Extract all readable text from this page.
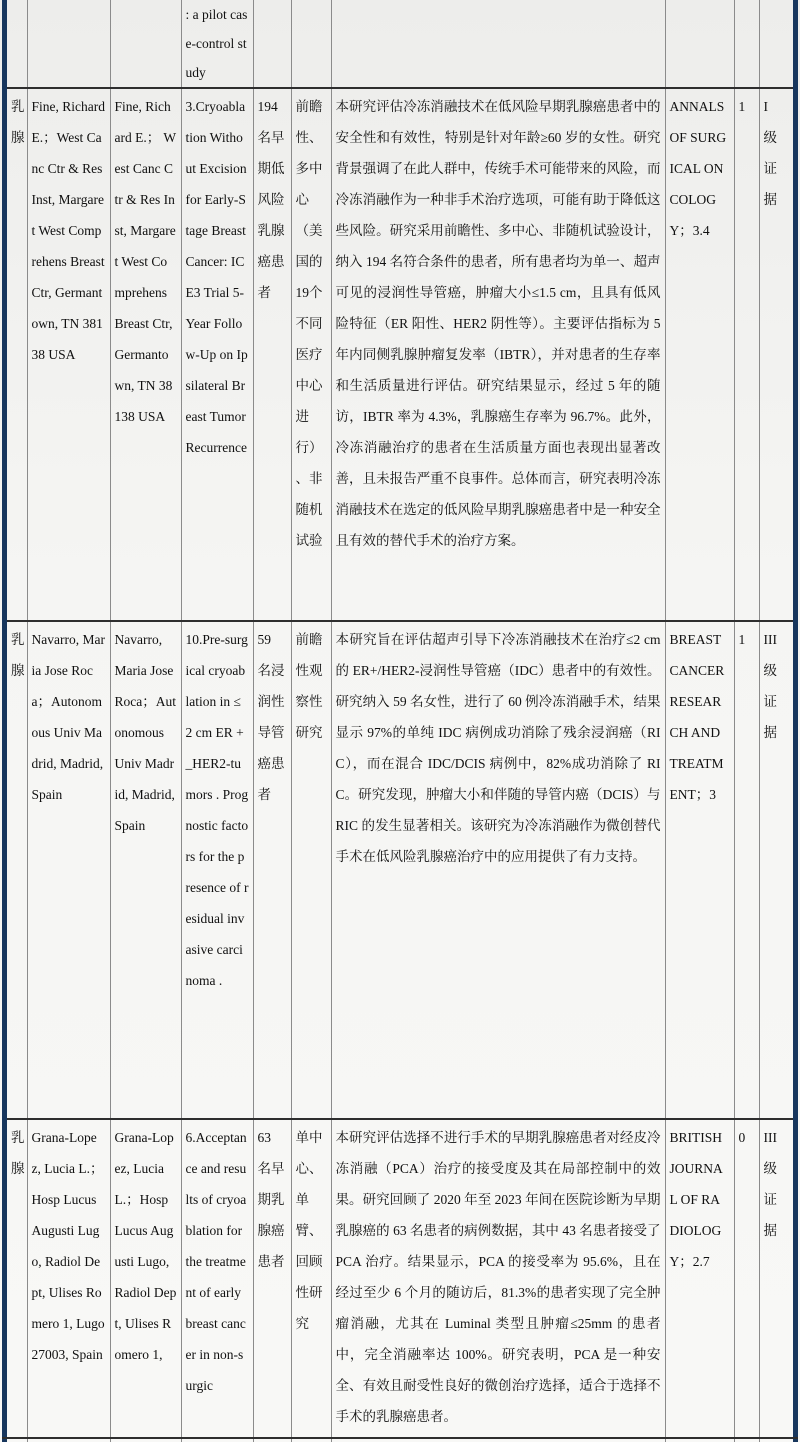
			: a pilot case-control study						

乳腺	Fine, Richard E.；West Canc Ctr & Res Inst, Margaret West Comprehens Breast Ctr, Germantown, TN 38138 USA	Fine, Richard E.； West Canc Ctr & Res Inst, Margaret West Comprehens Breast Ctr, Germantown, TN 38138 USA	3.Cryoablation Without Excision for Early-Stage Breast Cancer: ICE3 Trial 5-Year Follow-Up on Ipsilateral Breast Tumor Recurrence	194 名早期低风险乳腺癌患者	前瞻性、多中心（美国的19个不同医疗中心进行）、非随机试验	本研究评估冷冻消融技术在低风险早期乳腺癌患者中的安全性和有效性，特别是针对年龄≥60 岁的女性。研究背景强调了在此人群中，传统手术可能带来的风险，而冷冻消融作为一种非手术治疗选项，可能有助于降低这些风险。研究采用前瞻性、多中心、非随机试验设计，纳入 194 名符合条件的患者，所有患者均为单一、超声可见的浸润性导管癌，肿瘤大小≤1.5 cm，且具有低风险特征（ER 阳性、HER2 阴性等）。主要评估指标为 5 年内同侧乳腺肿瘤复发率（IBTR），并对患者的生存率和生活质量进行评估。研究结果显示，经过 5 年的随访，IBTR 率为 4.3%，乳腺癌生存率为 96.7%。此外，冷冻消融治疗的患者在生活质量方面也表现出显著改善，且未报告严重不良事件。总体而言，研究表明冷冻消融技术在选定的低风险早期乳腺癌患者中是一种安全且有效的替代手术的治疗方案。	ANNALS OF SURGICAL ONCOLOGY；3.4	1	I 级证据

乳腺	Navarro, Maria Jose Roca；Autonomous Univ Madrid, Madrid, Spain	Navarro, Maria Jose Roca；Autonomous Univ Madrid, Madrid, Spain	10.Pre-surgical cryoablation in ≤ 2 cm ER + _HER2-tumors . Prognostic factors for the presence of residual invasive carcinoma .	59 名浸润性导管癌患者	前瞻性观察性研究	本研究旨在评估超声引导下冷冻消融技术在治疗≤2 cm 的 ER+/HER2-浸润性导管癌（IDC）患者中的有效性。研究纳入 59 名女性，进行了 60 例冷冻消融手术，结果显示 97%的单纯 IDC 病例成功消除了残余浸润癌（RIC），而在混合 IDC/DCIS 病例中，82%成功消除了 RIC。研究发现，肿瘤大小和伴随的导管内癌（DCIS）与 RIC 的发生显著相关。该研究为冷冻消融作为微创替代手术在低风险乳腺癌治疗中的应用提供了有力支持。	BREAST CANCER RESEARCH AND TREATMENT；3	1	III 级证据

乳腺	Grana-Lopez, Lucia L.；Hosp Lucus Augusti Lugo, Radiol Dept, Ulises Romero 1, Lugo 27003, Spain	Grana-Lopez, Lucia L.；Hosp Lucus Augusti Lugo, Radiol Dept, Ulises Romero 1,	6.Acceptance and results of cryoablation for the treatment of early breast cancer in non-surgic	63 名早期乳腺癌患者	单中心、单臂、回顾性研究	本研究评估选择不进行手术的早期乳腺癌患者对经皮冷冻消融（PCA）治疗的接受度及其在局部控制中的效果。研究回顾了 2020 年至 2023 年间在医院诊断为早期乳腺癌的 63 名患者的病例数据，其中 43 名患者接受了 PCA 治疗。结果显示，PCA 的接受率为 95.6%，且在经过至少 6 个月的随访后，81.3%的患者实现了完全肿瘤消融，尤其在 Luminal 类型且肿瘤≤25mm 的患者中，完全消融率达 100%。研究表明，PCA 是一种安全、有效且耐受性良好的微创治疗选择，适合于选择不手术的乳腺癌患者。	BRITISH JOURNAL OF RADIOLOGY；2.7	0	III 级证据
